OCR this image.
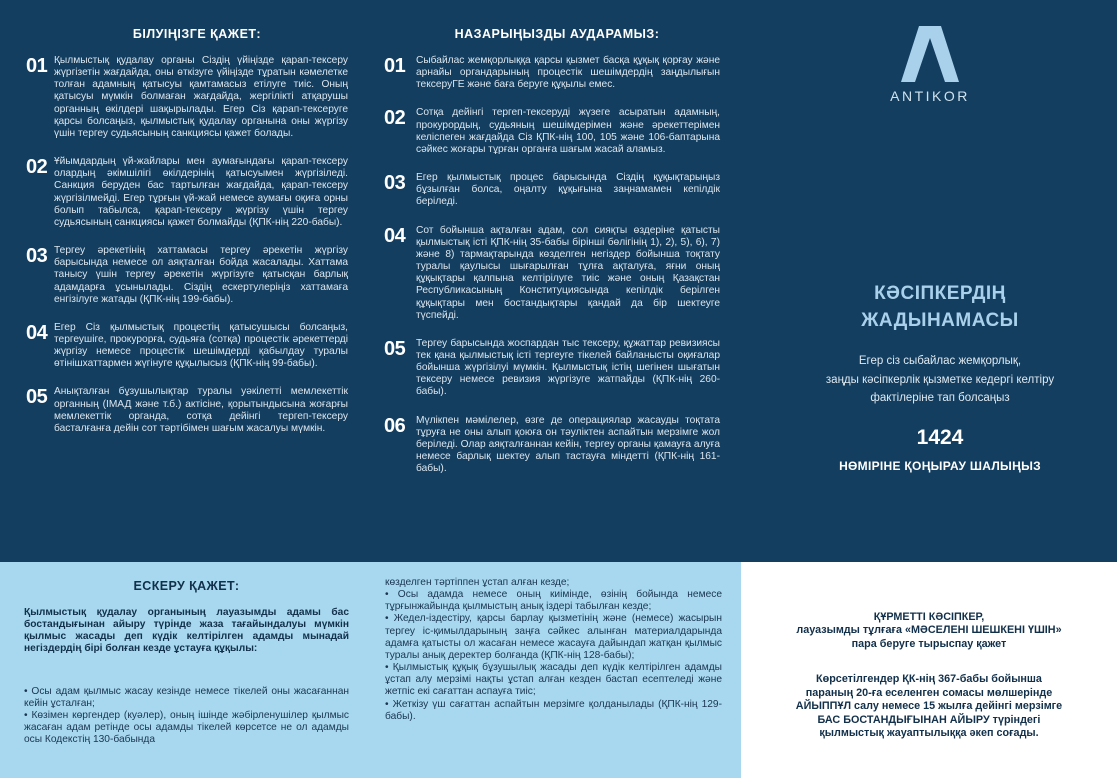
БІЛУІҢІЗГЕ ҚАЖЕТ:
01 Қылмыстық қудалау органы Сіздің үйіңізде қарап-тексеру жүргізетін жағдайда, оны өткізуге үйіңізде тұратын кәмелетке толған адамның қатысуы қамтамасыз етілуге тиіс. Оның қатысуы мүмкін болмаған жағдайда, жергілікті атқарушы органның өкілдері шақырылады. Егер Сіз қарап-тексеруге қарсы болсаңыз, қылмыстық қудалау органына оны жүргізу үшін тергеу судьясының санкциясы қажет болады.
02 Ұйымдардың үй-жайлары мен аумағындағы қарап-тексеру олардың әкімшілігі өкілдерінің қатысуымен жүргізіледі. Санкция беруден бас тартылған жағдайда, қарап-тексеру жүргізілмейді. Егер тұрғын үй-жай немесе аумағы оқиға орны болып табылса, қарап-тексеру жүргізу үшін тергеу судьясының санкциясы қажет болмайды (ҚПК-нің 220-бабы).
03 Тергеу әрекетінің хаттамасы тергеу әрекетін жүргізу барысында немесе ол аяқталған бойда жасалады. Хаттама танысу үшін тергеу әрекетін жүргізуге қатысқан барлық адамдарға ұсынылады. Сіздің ескертулеріңіз хаттамаға енгізілуге жатады (ҚПК-нің 199-бабы).
04 Егер Сіз қылмыстық процестің қатысушысы болсаңыз, тергеушіге, прокурорға, судьяға (сотқа) процестік әрекеттерді жүргізу немесе процестік шешімдерді қабылдау туралы өтінішхаттармен жүгінуге құқылысыз (ҚПК-нің 99-бабы).
05 Анықталған бұзушылықтар туралы уәкілетті мемлекеттік органның (ІМАД және т.б.) актісіне, қорытындысына жоғарғы мемлекеттік органда, сотқа дейінгі тергеп-тексеру басталғанға дейін сот тәртібімен шағым жасалуы мүмкін.
НАЗАРЫҢЫЗДЫ АУДАРАМЫЗ:
01	Сыбайлас жемқорлыққа қарсы қызмет басқа құқық қорғау және арнайы органдарының процестік шешімдердің заңдылығын тексеруГЕ және баға беруге құқылы емес.
02	Сотқа дейінгі тергеп-тексеруді жүзеге асыратын адамның, прокурордың, судьяның шешімдерімен және әрекеттерімен келіспеген жағдайда Сіз ҚПК-нің 100, 105 және 106-баптарына сәйкес жоғары тұрған органға шағым жасай аламыз.
03	Егер қылмыстық процес барысында Сіздің құқықтарыңыз бұзылған болса, оңалту құқығына заңнамамен кепілдік беріледі.
04	Сот бойынша ақталған адам, сол сияқты өздеріне қатысты қылмыстық істі ҚПК-нің 35-бабы бірінші бөлігінің 1), 2), 5), 6), 7) және 8) тармақтарында көзделген негіздер бойынша тоқтату туралы қаулысы шығарылған тұлға ақталуға, яғни оның құқықтары қалпына келтірілуге тиіс және оның Қазақстан Республикасының Конституциясында кепілдік берілген құқықтары мен бостандықтары қандай да бір шектеуге түспейді.
05	Тергеу барысында жоспардан тыс тексеру, құжаттар ревизиясы тек қана қылмыстық істі тергеуге тікелей байланысты оқиғалар бойынша жүргізілуі мүмкін. Қылмыстық істің шегінен шығатын тексеру немесе ревизия жүргізуге жатпайды (ҚПК-нің 260-бабы).
06	Мүлікпен мәмілелер, өзге де операциялар жасауды тоқтата тұруға не оны алып қоюға он тәуліктен аспайтын мерзімге жол беріледі. Олар аяқталғаннан кейін, тергеу органы қамауға алуға немесе барлық шектеу алып тастауға міндетті (ҚПК-нің 161-бабы).
ANTIKOR
КӘСІПКЕРДІҢ
ЖАДЫНАМАСЫ
Егер сіз сыбайлас жемқорлық,
заңды кәсіпкерлік қызметке кедергі келтіру
фактілеріне тап болсаңыз
1424
НӨМІРІНЕ ҚОҢЫРАУ ШАЛЫҢЫЗ
ЕСКЕРУ ҚАЖЕТ:
Қылмыстық қудалау органының лауазымды адамы бас бостандығынан айыру түрінде жаза тағайындалуы мүмкін қылмыс жасады деп күдік келтірілген адамды мынадай негіздердің бірі болған кезде ұстауға құқылы:

• Осы адам қылмыс жасау кезінде немесе тікелей оны жасағаннан кейін ұсталған;

• Көзімен көргендер (куәлер), оның ішінде жәбірленушілер қылмыс жасаған адам ретінде осы адамды тікелей көрсетсе не ол адамды осы Кодекстің 130-бабында

көзделген тәртіппен ұстап алған кезде;

• Осы адамда немесе оның киімінде, өзінің бойында немесе тұрғынжайында қылмыстың анық іздері табылған кезде;

• Жедел-іздестіру, қарсы барлау қызметінің және (немесе) жасырын тергеу іс-қимылдарының заңға сәйкес алынған материалдарында адамға қатысты ол жасаған немесе жасауға дайындап жатқан қылмыс туралы анық деректер болғанда (ҚПК-нің 128-бабы);

• Қылмыстық құқық бұзушылық жасады деп күдік келтірілген адамды ұстап алу мерзімі нақты ұстап алған кезден бастап есептеледі және жетпіс екі сағаттан аспауға тиіс;

• Жеткізу үш сағаттан аспайтын мерзімге қолданылады (ҚПК-нің 129-бабы).

ҚҰРМЕТТІ КӘСІПКЕР,
лауазымды тұлғаға «МӘСЕЛЕНІ ШЕШКЕНІ ҮШІН»
пара беруге тырыспау қажет
Көрсетілгендер ҚК-нің 367-бабы бойынша
параның 20-ға еселенген сомасы мөлшерінде
АЙЫППҰЛ салу немесе 15 жылға дейінгі мерзімге
БАС БОСТАНДЫҒЫНАН АЙЫРУ түріндегі
қылмыстық жауаптылыққа әкеп соғады.
